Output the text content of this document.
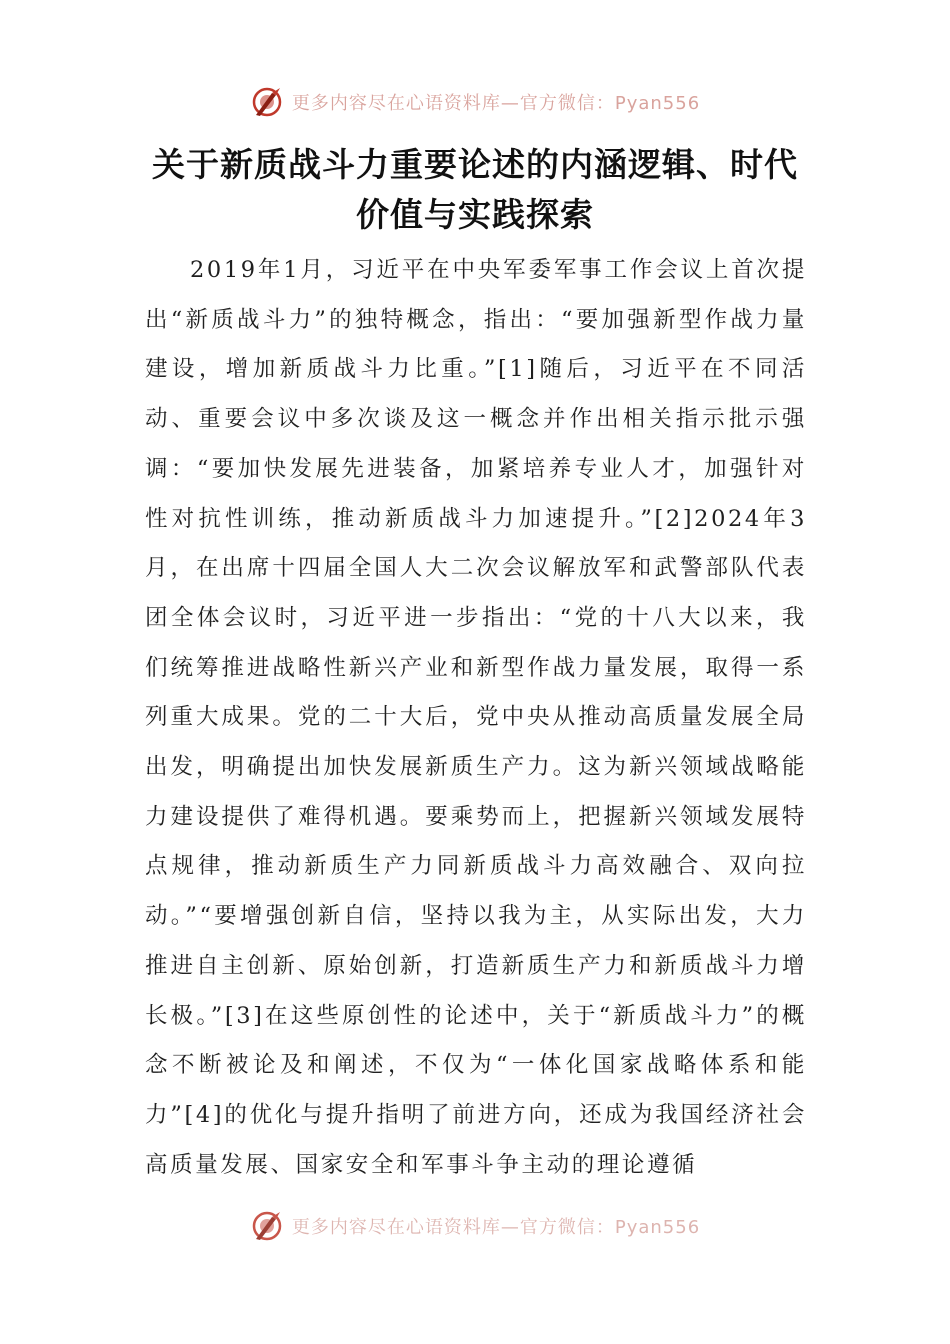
更多内容尽在心语资料库—官方微信：Pyan556
关于新质战斗力重要论述的内涵逻辑、时代价值与实践探索

2019年1月，习近平在中央军委军事工作会议上首次提出“新质战斗力”的独特概念，指出：“要加强新型作战力量建设，增加新质战斗力比重。”[1]随后，习近平在不同活动、重要会议中多次谈及这一概念并作出相关指示批示强调：“要加快发展先进装备，加紧培养专业人才，加强针对性对抗性训练，推动新质战斗力加速提升。”[2]2024年3月，在出席十四届全国人大二次会议解放军和武警部队代表团全体会议时，习近平进一步指出：“党的十八大以来，我们统筹推进战略性新兴产业和新型作战力量发展，取得一系列重大成果。党的二十大后，党中央从推动高质量发展全局出发，明确提出加快发展新质生产力。这为新兴领域战略能力建设提供了难得机遇。要乘势而上，把握新兴领域发展特点规律，推动新质生产力同新质战斗力高效融合、双向拉动。”“要增强创新自信，坚持以我为主，从实际出发，大力推进自主创新、原始创新，打造新质生产力和新质战斗力增长极。”[3]在这些原创性的论述中，关于“新质战斗力”的概念不断被论及和阐述，不仅为“一体化国家战略体系和能力”[4]的优化与提升指明了前进方向，还成为我国经济社会高质量发展、国家安全和军事斗争主动的理论遵循

更多内容尽在心语资料库—官方微信：Pyan556
